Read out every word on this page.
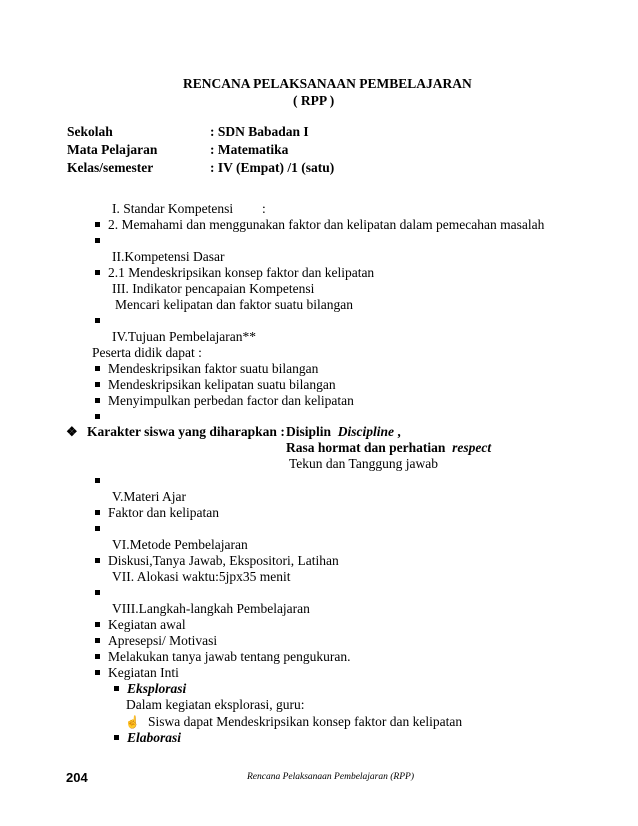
RENCANA PELAKSANAAN PEMBELAJARAN
( RPP )
Sekolah	: SDN Babadan I
Mata Pelajaran	: Matematika
Kelas/semester	: IV (Empat) /1 (satu)
I. Standar Kompetensi :
2. Memahami dan menggunakan faktor dan kelipatan dalam pemecahan masalah
II.Kompetensi Dasar
2.1 Mendeskripsikan konsep faktor dan kelipatan
III. Indikator pencapaian Kompetensi
Mencari kelipatan dan faktor suatu bilangan
IV.Tujuan Pembelajaran**
Peserta didik dapat :
Mendeskripsikan faktor suatu bilangan
Mendeskripsikan kelipatan suatu bilangan
Menyimpulkan perbedan factor dan kelipatan
❖ Karakter siswa yang diharapkan : Disiplin Discipline ,
Rasa hormat dan perhatian respect
Tekun dan Tanggung jawab
V.Materi Ajar
Faktor dan kelipatan
VI.Metode Pembelajaran
Diskusi,Tanya Jawab, Ekspositori, Latihan
VII. Alokasi waktu:5jpx35 menit
VIII.Langkah-langkah Pembelajaran
Kegiatan awal
Apresepsi/ Motivasi
Melakukan tanya jawab tentang pengukuran.
Kegiatan Inti
Eksplorasi
Dalam kegiatan eksplorasi, guru:
☝ Siswa dapat Mendeskripsikan konsep faktor dan kelipatan
Elaborasi
204	Rencana Pelaksanaan Pembelajaran (RPP)
